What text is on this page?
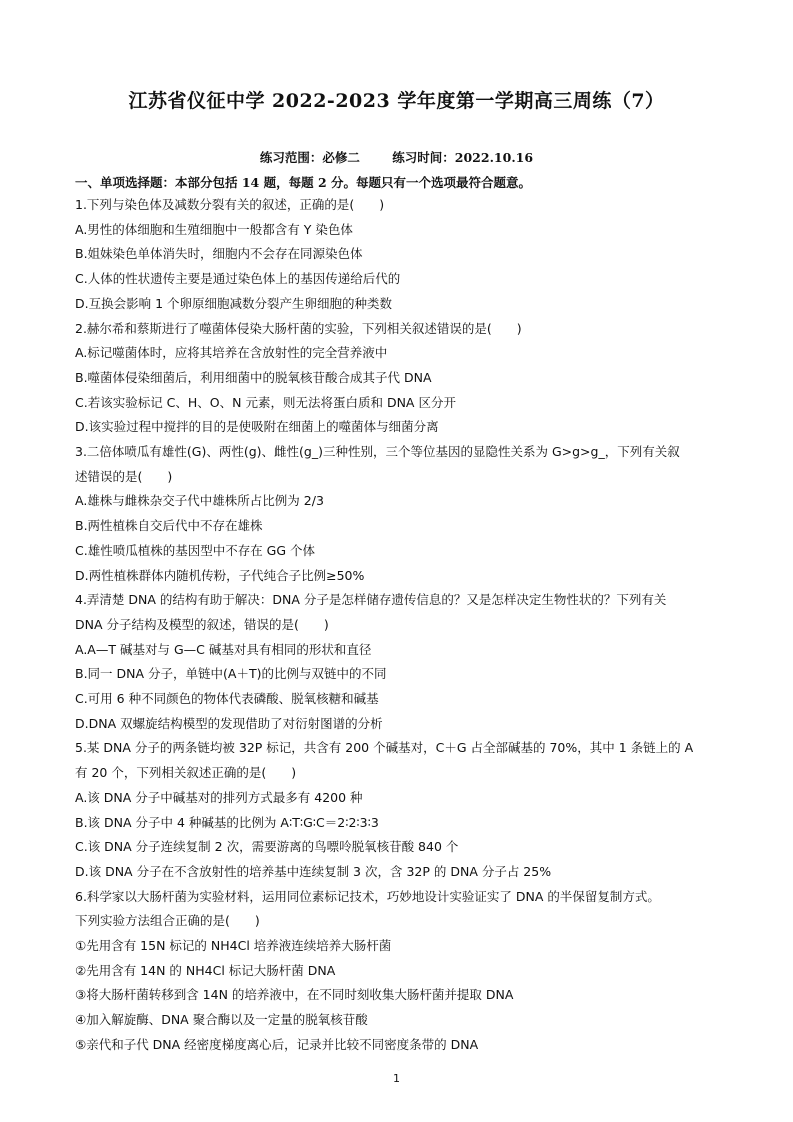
江苏省仪征中学 2022-2023 学年度第一学期高三周练（7）
练习范围：必修二	练习时间：2022.10.16
一、单项选择题：本部分包括 14 题，每题 2 分。每题只有一个选项最符合题意。
1.下列与染色体及减数分裂有关的叙述，正确的是(　　)
A.男性的体细胞和生殖细胞中一般都含有 Y 染色体
B.姐妹染色单体消失时，细胞内不会存在同源染色体
C.人体的性状遗传主要是通过染色体上的基因传递给后代的
D.互换会影响 1 个卵原细胞减数分裂产生卵细胞的种类数
2.赫尔希和蔡斯进行了噬菌体侵染大肠杆菌的实验，下列相关叙述错误的是(　　)
A.标记噬菌体时，应将其培养在含放射性的完全营养液中
B.噬菌体侵染细菌后，利用细菌中的脱氧核苷酸合成其子代 DNA
C.若该实验标记 C、H、O、N 元素，则无法将蛋白质和 DNA 区分开
D.该实验过程中搅拌的目的是使吸附在细菌上的噬菌体与细菌分离
3.二倍体喷瓜有雄性(G)、两性(g)、雌性(g_)三种性别，三个等位基因的显隐性关系为 G>g>g_，下列有关叙
述错误的是(　　)
A.雄株与雌株杂交子代中雄株所占比例为 2/3
B.两性植株自交后代中不存在雄株
C.雄性喷瓜植株的基因型中不存在 GG 个体
D.两性植株群体内随机传粉，子代纯合子比例≥50%
4.弄清楚 DNA 的结构有助于解决：DNA 分子是怎样储存遗传信息的？又是怎样决定生物性状的？下列有关
DNA 分子结构及模型的叙述，错误的是(　　)
A.A—T 碱基对与 G—C 碱基对具有相同的形状和直径
B.同一 DNA 分子，单链中(A＋T)的比例与双链中的不同
C.可用 6 种不同颜色的物体代表磷酸、脱氧核糖和碱基
D.DNA 双螺旋结构模型的发现借助了对衍射图谱的分析
5.某 DNA 分子的两条链均被 32P 标记，共含有 200 个碱基对，C＋G 占全部碱基的 70%，其中 1 条链上的 A
有 20 个，下列相关叙述正确的是(　　)
A.该 DNA 分子中碱基对的排列方式最多有 4200 种
B.该 DNA 分子中 4 种碱基的比例为 A∶T∶G∶C＝2∶2∶3∶3
C.该 DNA 分子连续复制 2 次，需要游离的鸟嘌呤脱氧核苷酸 840 个
D.该 DNA 分子在不含放射性的培养基中连续复制 3 次，含 32P 的 DNA 分子占 25%
6.科学家以大肠杆菌为实验材料，运用同位素标记技术，巧妙地设计实验证实了 DNA 的半保留复制方式。
下列实验方法组合正确的是(　　)
①先用含有 15N 标记的 NH4Cl 培养液连续培养大肠杆菌
②先用含有 14N 的 NH4Cl 标记大肠杆菌 DNA
③将大肠杆菌转移到含 14N 的培养液中，在不同时刻收集大肠杆菌并提取 DNA
④加入解旋酶、DNA 聚合酶以及一定量的脱氧核苷酸
⑤亲代和子代 DNA 经密度梯度离心后，记录并比较不同密度条带的 DNA
1
